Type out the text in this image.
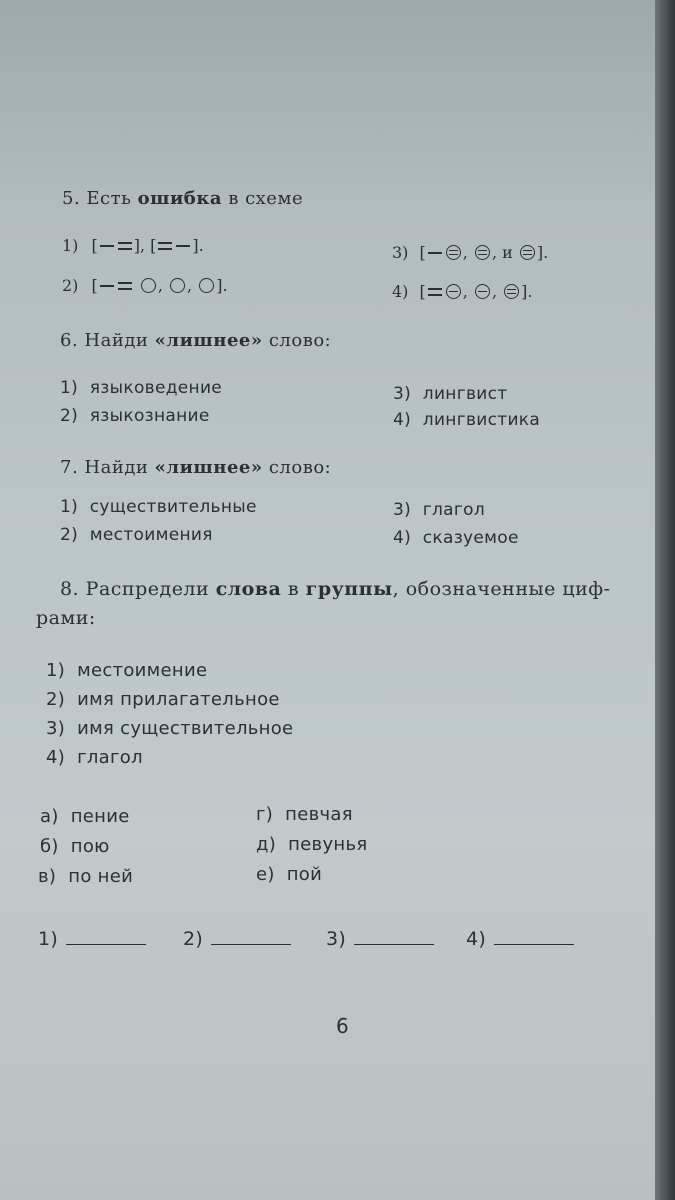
5. Есть ошибка в схеме
1) [ ], [ ].
2) [
	,
,
].
3) [ ,
, и
].
4) [ ,
,
].
6. Найди «лишнее» слово:
1) языковедение
2) языкознание
3) лингвист
4) лингвистика
7. Найди «лишнее» слово:
1) существительные
2) местоимения
3) глагол
4) сказуемое
8. Распредели слова в группы, обозначенные циф-
рами:
1) местоимение
2) имя прилагательное
3) имя существительное
4) глагол
а) пение
б) пою
в) по ней
г) певчая
д) певунья
е) пой
1)	2)	3)	4)
6
